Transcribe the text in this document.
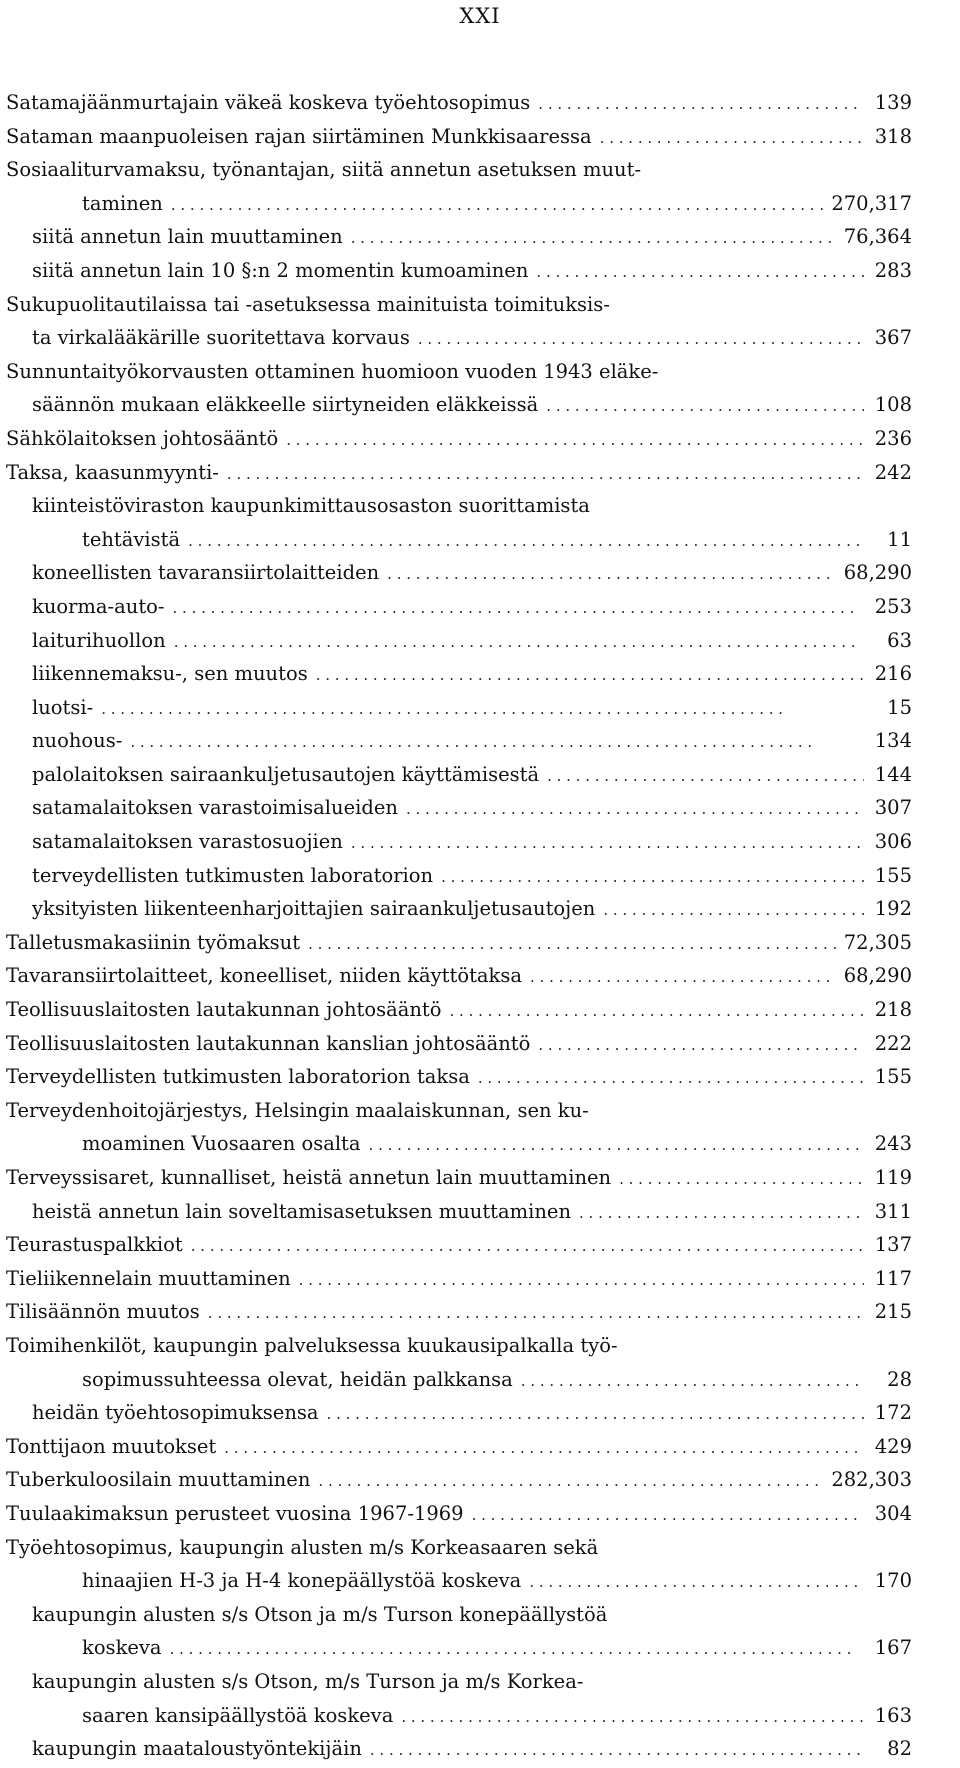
XXI
Satamajäänmurtajain väkeä koskeva työehtosopimus . . .	139
Sataman maanpuoleisen rajan siirtäminen Munkkisaaressa . . .	318
Sosiaaliturvamaksu, työnantajan, siitä annetun asetuksen muut-
taminen . . .	270,317
siitä annetun lain muuttaminen . . .	76,364
siitä annetun lain 10 §:n 2 momentin kumoaminen . . .	283
Sukupuolitautilaissa tai -asetuksessa mainituista toimituksis-
ta virkalääkärille suoritettava korvaus . . .	367
Sunnuntaityökorvausten ottaminen huomioon vuoden 1943 eläke-
säännön mukaan eläkkeelle siirtyneiden eläkkeissä . . .	108
Sähkölaitoksen johtosääntö . . .	236
Taksa, kaasunmyynti- . . .	242
kiinteistöviraston kaupunkimittausosaston suorittamista
tehtävistä . . .	11
koneellisten tavaransiirtolaitteiden . . .	68,290
kuorma-auto- . . .	253
laiturihuollon . . .	63
liikennemaksu-, sen muutos . . .	216
luotsi- . . .	15
nuohous- . . .	134
palolaitoksen sairaankuljetusautojen käyttämisestä . . .	144
satamalaitoksen varastoimisalueiden . . .	307
satamalaitoksen varastosuojien . . .	306
terveydellisten tutkimusten laboratorion . . .	155
yksityisten liikenteenharjoittajien sairaankuljetusautojen . . .	192
Talletusmakasiinin työmaksut . . .	72,305
Tavaransiirtolaitteet, koneelliset, niiden käyttötaksa . . .	68,290
Teollisuuslaitosten lautakunnan johtosääntö . . .	218
Teollisuuslaitosten lautakunnan kanslian johtosääntö . . .	222
Terveydellisten tutkimusten laboratorion taksa . . .	155
Terveydenhoitojärjestys, Helsingin maalaiskunnan, sen ku-
moaminen Vuosaaren osalta . . .	243
Terveyssisaret, kunnalliset, heistä annetun lain muuttaminen . . .	119
heistä annetun lain soveltamisasetuksen muuttaminen . . .	311
Teurastuspalkkiot . . .	137
Tieliikennelain muuttaminen . . .	117
Tilisäännön muutos . . .	215
Toimihenkilöt, kaupungin palveluksessa kuukausipalkalla työ-
sopimussuhteessa olevat, heidän palkkansa . . .	28
heidän työehtosopimuksensa . . .	172
Tonttijaon muutokset . . .	429
Tuberkuloosilain muuttaminen . . .	282,303
Tuulaakimaksun perusteet vuosina 1967-1969 . . .	304
Työehtosopimus, kaupungin alusten m/s Korkeasaaren sekä
hinaajien H-3 ja H-4 konepäällystöä koskeva . . .	170
kaupungin alusten s/s Otson ja m/s Turson konepäällystöä
koskeva . . .	167
kaupungin alusten s/s Otson, m/s Turson ja m/s Korkea-
saaren kansipäällystöä koskeva . . .	163
kaupungin maataloustyöntekijäin . . .	82
